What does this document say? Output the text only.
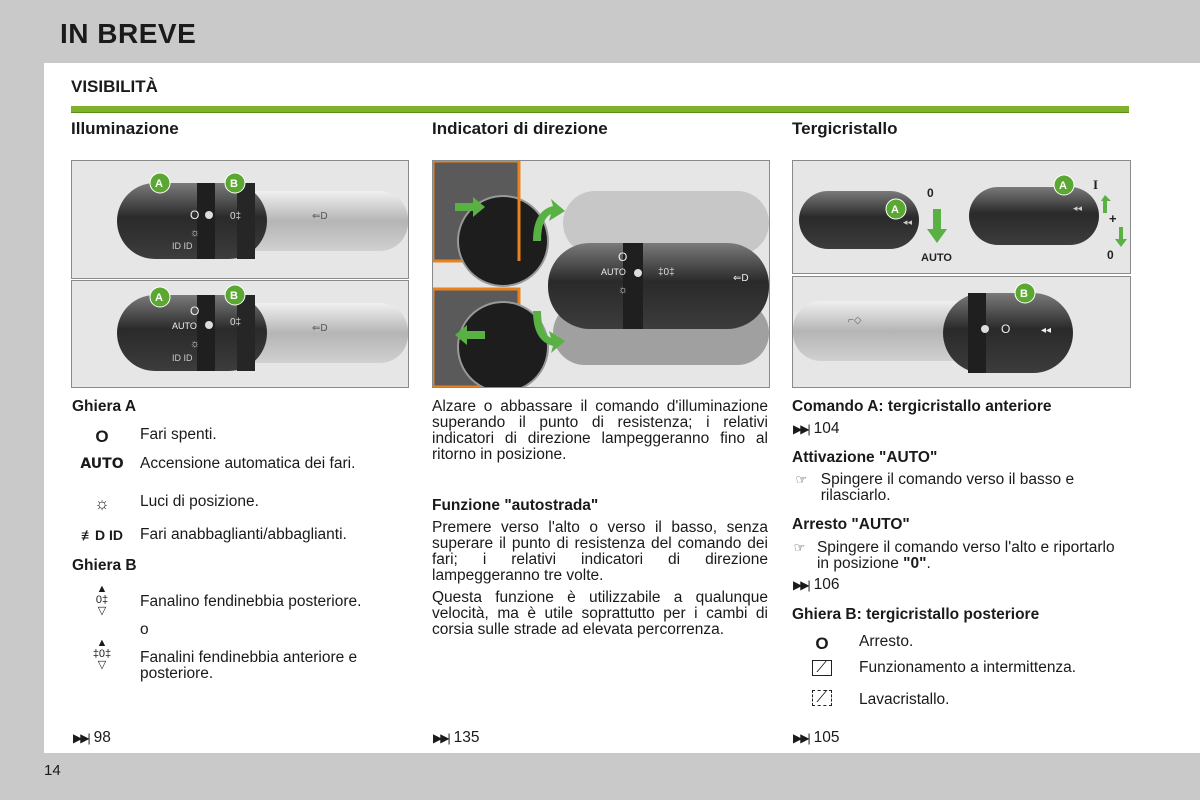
IN BREVE
VISIBILITÀ
Illuminazione	Indicatori di direzione	Tergicristallo
O
☼
ID ID
0‡	⇐D
A	B
O
AUTO
☼
ID ID
0‡
⇐D
A	B
O
AUTO
☼
‡0‡
⇐D
◂◂
A
0
AUTO
◂◂
A I
+
0
O	◂◂
B
⌐◇
Ghiera A
O Fari spenti.
AUTO Accensione automatica dei fari.
☼ Luci di posizione.
≢D ID Fari anabbaglianti/abbaglianti.
Ghiera B
▲
0‡
▽
Fanalino fendinebbia posteriore.
o
▲
‡0‡
▽ Fanalini fendinebbia anteriore e posteriore.
▶▶| 98
Alzare o abbassare il comando d'illuminazione superando il punto di resistenza; i relativi indicatori di direzione lampeggeranno fino al ritorno in posizione.
Funzione "autostrada"
Premere verso l'alto o verso il basso, senza superare il punto di resistenza del comando dei fari; i relativi indicatori di direzione lampeggeranno tre volte.
Questa funzione è utilizzabile a qualunque velocità, ma è utile soprattutto per i cambi di corsia sulle strade ad elevata percorrenza.
▶▶| 135
Comando A: tergicristallo anteriore
▶▶| 104
Attivazione "AUTO"
☞ Spingere il comando verso il basso e rilasciarlo.
Arresto "AUTO"
☞ Spingere il comando verso l'alto e riportarlo in posizione "0".
▶▶| 106
Ghiera B: tergicristallo posteriore
O Arresto.
⟋ Funzionamento a intermittenza.
⟋ Lavacristallo.
▶▶| 105
14
